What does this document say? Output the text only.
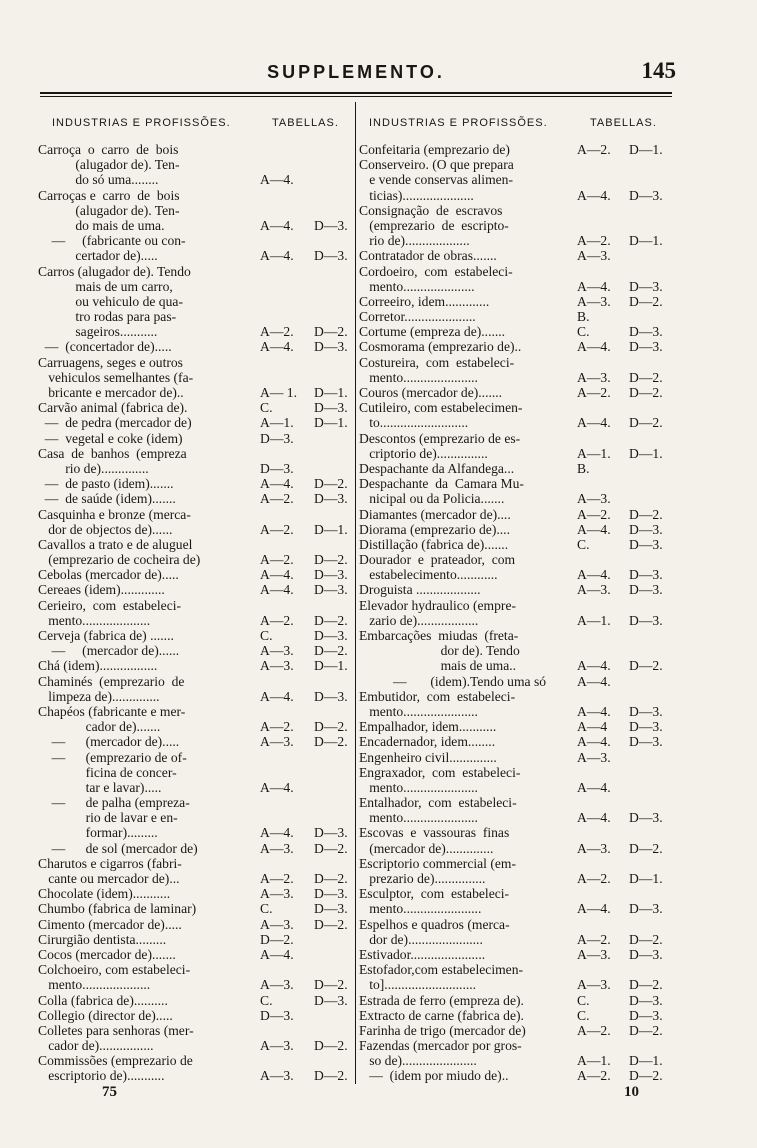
SUPPLEMENTO.	145
INDUSTRIAS E PROFISSÕES.	TABELLAS.	INDUSTRIAS E PROFISSÕES.	TABELLAS.
Carroça  o  carro  de  bois
(alugador de). Ten-
do só uma........	A—4.
Carroças e  carro  de  bois
(alugador de). Ten-
do mais de uma.	A—4. D—3.
—     (fabricante ou con-
certador de).....	A—4. D—3.
Carros (alugador de). Tendo
mais de um carro,
ou vehiculo de qua-
tro rodas para pas-
sageiros...........	A—2. D—2.
—  (concertador de).....	A—4. D—3.
Carruagens, seges e outros
vehiculos semelhantes (fa-
bricante e mercador de)..	A— 1. D—1.
Carvão animal (fabrica de).	C.	D—3.
—  de pedra (mercador de)	A—1. D—1.
—  vegetal e coke (idem)	D—3.
Casa  de  banhos  (empreza
rio de)..............	D—3.
—  de pasto (idem).......	A—4. D—2.
—  de saúde (idem).......	A—2. D—3.
Casquinha e bronze (merca-
dor de objectos de)......	A—2. D—1.
Cavallos a trato e de aluguel
(emprezario de cocheira de)	A—2. D—2.
Cebolas (mercador de).....	A—4. D—3.
Cereaes (idem).............	A—4. D—3.
Cerieiro,  com  estabeleci-
mento....................	A—2. D—2.
Cerveja (fabrica de) .......	C.	D—3.
—     (mercador de)......	A—3. D—2.
Chá (idem).................	A—3. D—1.
Chaminés  (emprezario  de
limpeza de)..............	A—4. D—3.
Chapéos (fabricante e mer-
cador de).......	A—2. D—2.
—      (mercador de).....	A—3. D—2.
—      (emprezario de of-
ficina de concer-
tar e lavar).....	A—4.
—      de palha (empreza-
rio de lavar e en-
formar).........	A—4. D—3.
—      de sol (mercador de)	A—3. D—2.
Charutos e cigarros (fabri-
cante ou mercador de)...	A—2. D—2.
Chocolate (idem)...........	A—3. D—3.
Chumbo (fabrica de laminar)	C.	D—3.
Cimento (mercador de).....	A—3. D—2.
Cirurgião dentista.........	D—2.
Cocos (mercador de).......	A—4.
Colchoeiro, com estabeleci-
mento....................	A—3. D—2.
Colla (fabrica de)..........	C.	D—3.
Collegio (director de).....	D—3.
Colletes para senhoras (mer-
cador de)................	A—3. D—2.
Commissões (emprezario de
escriptorio de)...........	A—3. D—2.
Confeitaria (emprezario de)	A—2. D—1.
Conserveiro. (O que prepara
e vende conservas alimen-
ticias).....................	A—4. D—3.
Consignação  de  escravos
(emprezario  de  escripto-
rio de)...................	A—2. D—1.
Contratador de obras.......	A—3.
Cordoeiro,  com  estabeleci-
mento.....................	A—4. D—3.
Correeiro, idem.............	A—3. D—2.
Corretor.....................	B.
Cortume (empreza de).......	C.	D—3.
Cosmorama (emprezario de)..	A—4. D—3.
Costureira,  com  estabeleci-
mento......................	A—3. D—2.
Couros (mercador de).......	A—2. D—2.
Cutileiro, com estabelecimen-
to..........................	A—4. D—2.
Descontos (emprezario de es-
criptorio de)...............	A—1. D—1.
Despachante da Alfandega...	B.
Despachante  da  Camara Mu-
nicipal ou da Policia.......	A—3.
Diamantes (mercador de)....	A—2. D—2.
Diorama (emprezario de)....	A—4. D—3.
Distillação (fabrica de).......	C.	D—3.
Dourador  e  prateador,  com
estabelecimento............	A—4. D—3.
Droguista ...................	A—3. D—3.
Elevador hydraulico (empre-
zario de)..................	A—1. D—3.
Embarcações  miudas  (freta-
dor de). Tendo
mais de uma..	A—4. D—2.
—       (idem).Tendo uma só A—4.
Embutidor,  com  estabeleci-
mento......................	A—4. D—3.
Empalhador, idem...........	A—4 D—3.
Encadernador, idem........	A—4. D—3.
Engenheiro civil..............	A—3.
Engraxador,  com  estabeleci-
mento......................	A—4.
Entalhador,  com  estabeleci-
mento......................	A—4. D—3.
Escovas  e  vassouras  finas
(mercador de)..............	A—3. D—2.
Escriptorio commercial (em-
prezario de)...............	A—2. D—1.
Esculptor,  com  estabeleci-
mento.......................	A—4. D—3.
Espelhos e quadros (merca-
dor de)......................	A—2. D—2.
Estivador......................	A—3. D—3.
Estofador,com estabelecimen-
to]...........................	A—3. D—2.
Estrada de ferro (empreza de).	C.	D—3.
Extracto de carne (fabrica de).	C.	D—3.
Farinha de trigo (mercador de)	A—2. D—2.
Fazendas (mercador por gros-
so de)......................	A—1. D—1.
—  (idem por miudo de)..	A—2. D—2.
75	10
